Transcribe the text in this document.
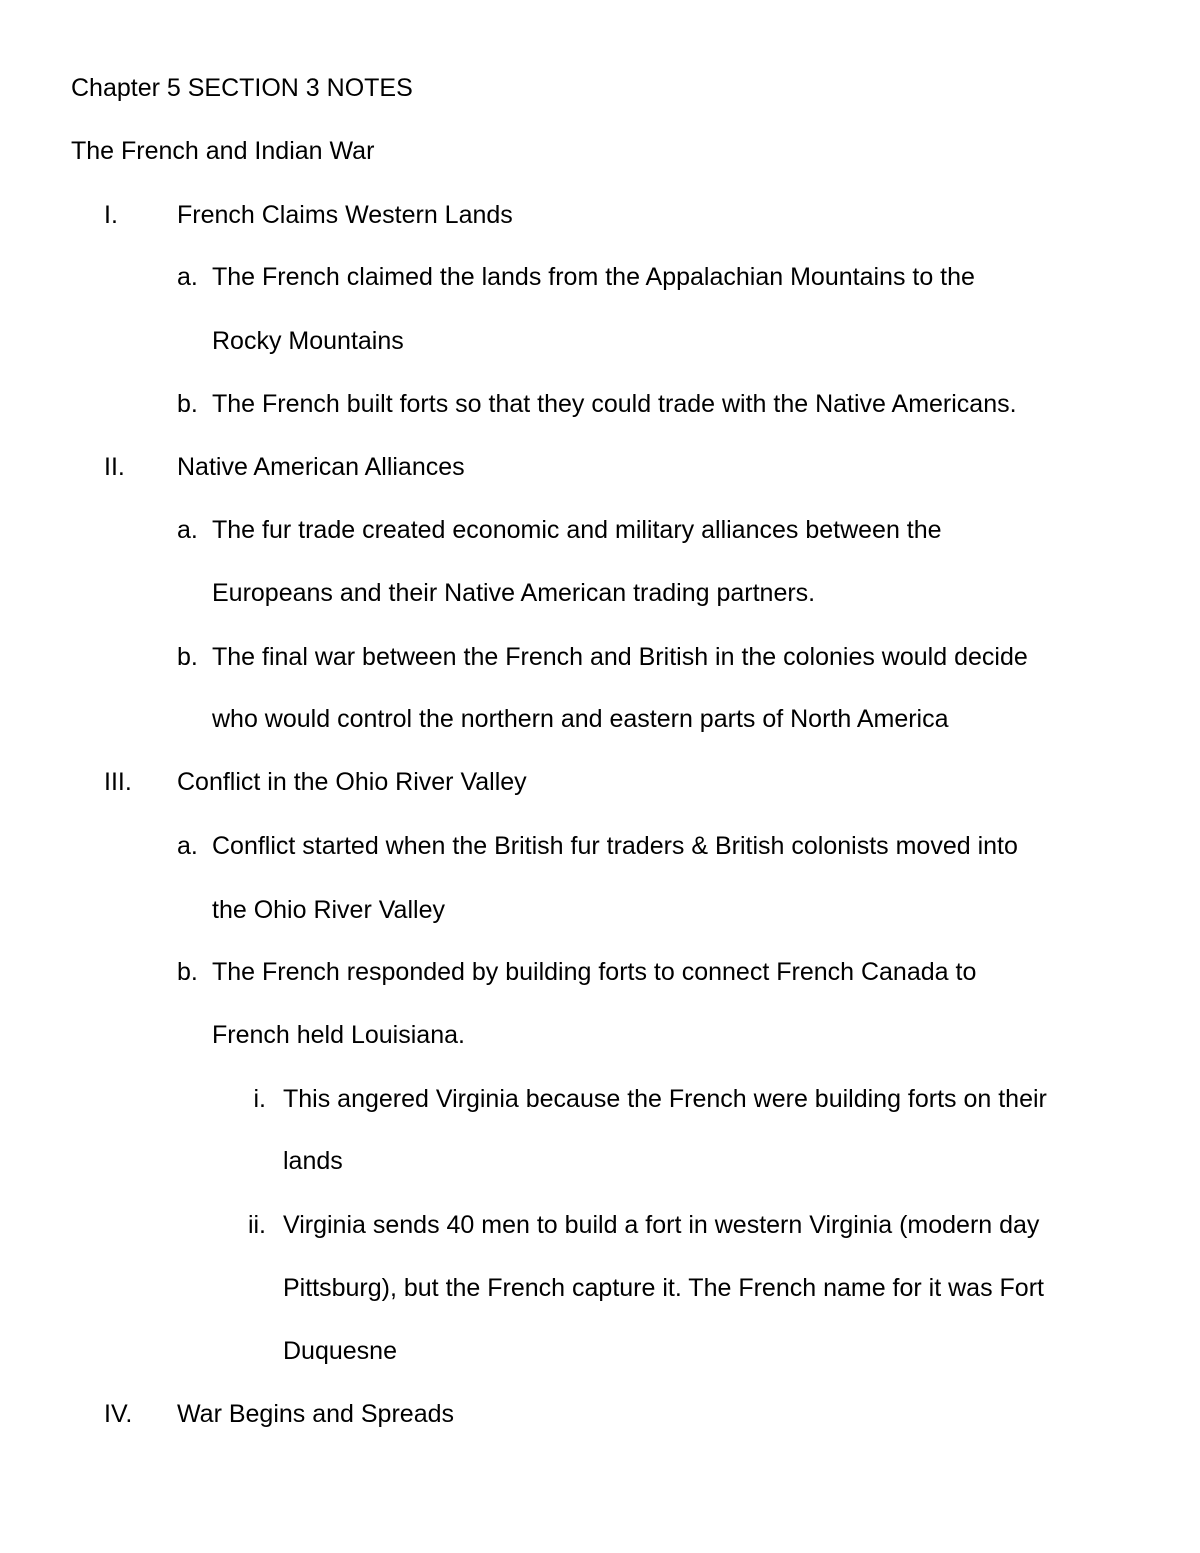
Chapter 5 SECTION 3 NOTES
The French and Indian War
I. French Claims Western Lands
a. The French claimed the lands from the Appalachian Mountains to the
Rocky Mountains
b. The French built forts so that they could trade with the Native Americans.
II. Native American Alliances
a. The fur trade created economic and military alliances between the
Europeans and their Native American trading partners.
b. The final war between the French and British in the colonies would decide
who would control the northern and eastern parts of North America
III. Conflict in the Ohio River Valley
a. Conflict started when the British fur traders & British colonists moved into
the Ohio River Valley
b. The French responded by building forts to connect French Canada to
French held Louisiana.
i. This angered Virginia because the French were building forts on their
lands
ii. Virginia sends 40 men to build a fort in western Virginia (modern day
Pittsburg), but the French capture it. The French name for it was Fort
Duquesne
IV. War Begins and Spreads
